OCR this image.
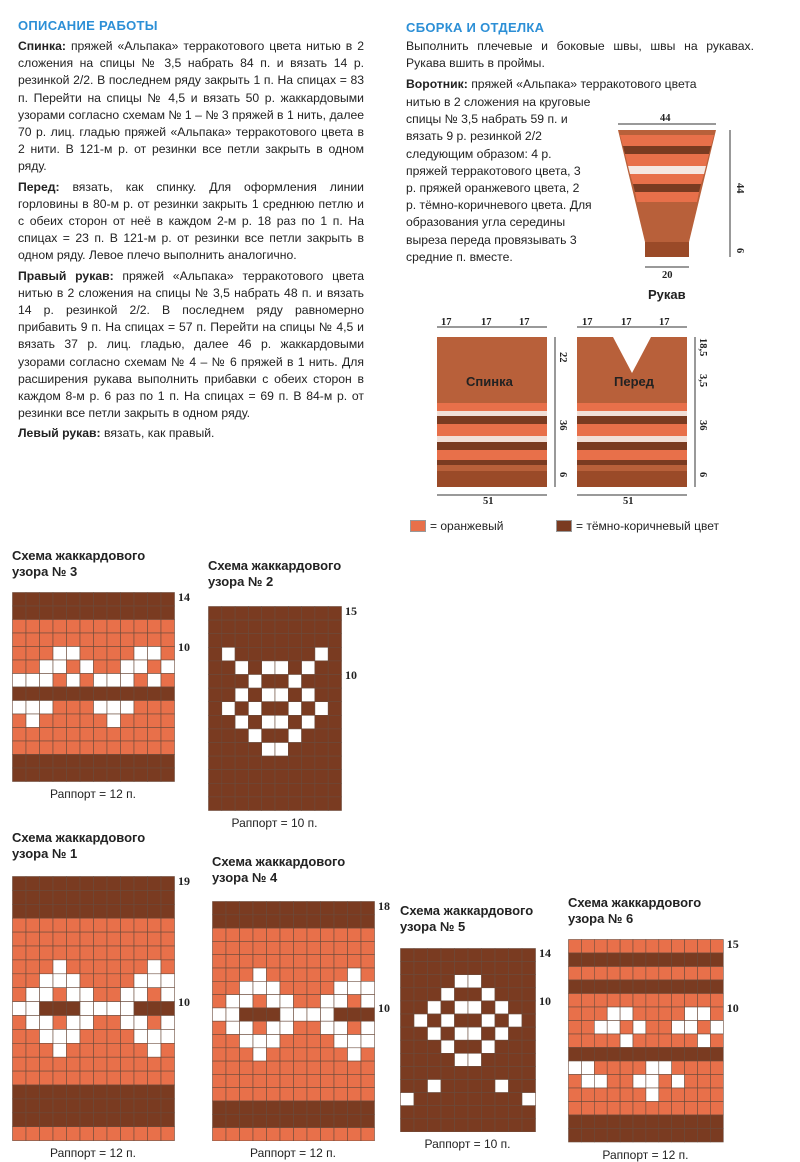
ОПИСАНИЕ РАБОТЫ

Спинка: пряжей «Альпака» терракотового цвета нитью в 2 сложения на спицы № 3,5 набрать 84 п. и вязать 14 р. резинкой 2/2. В последнем ряду закрыть 1 п. На спицах = 83 п. Перейти на спицы № 4,5 и вязать 50 р. жаккардовыми узорами согласно схемам № 1 – № 3 пряжей в 1 нить, далее 70 р. лиц. гладью пряжей «Альпака» терракотового цвета в 2 нити. В 121-м р. от резинки все петли закрыть в одном ряду.

Перед: вязать, как спинку. Для оформления линии горловины в 80-м р. от резинки закрыть 1 среднюю петлю и с обеих сторон от неё в каждом 2-м р. 18 раз по 1 п. На спицах = 23 п. В 121-м р. от резинки все петли закрыть в одном ряду. Левое плечо выполнить аналогично.

Правый рукав: пряжей «Альпака» терракотового цвета нитью в 2 сложения на спицы № 3,5 набрать 48 п. и вязать 14 р. резинкой 2/2. В последнем ряду равномерно прибавить 9 п. На спицах = 57 п. Перейти на спицы № 4,5 и вязать 37 р. лиц. гладью, далее 46 р. жаккардовыми узорами согласно схемам № 4 – № 6 пряжей в 1 нить. Для расширения рукава выполнить прибавки с обеих сторон в каждом 8-м р. 6 раз по 1 п. На спицах = 69 п. В 84-м р. от резинки все петли закрыть в одном ряду.

Левый рукав: вязать, как правый.

СБОРКА И ОТДЕЛКА

Выполнить плечевые и боковые швы, швы на рукавах. Рукава вшить в проймы.

Воротник: пряжей «Альпака» терракотового цвета
нитью в 2 сложения на круговые спицы № 3,5 набрать 59 п. и вязать 9 р. резинкой 2/2 следующим образом: 4 р. пряжей терракотового цвета, 3 р. пряжей оранжевого цвета, 2 р. тёмно-коричневого цвета. Для образования угла середины выреза переда провязывать 3 средние п. вместе.
44
44
6
20
Рукав
17	17	17
Спинка
22
36
6
51
17	17	17
Перед
18,5
3,5
36
6
51
= оранжевый	= тёмно-коричневый цвет
Схема жаккардового
узора № 3
14
10
Раппорт = 12 п.
Схема жаккардового
узора № 2
15
10
Раппорт = 10 п.
Схема жаккардового
узора № 1
19
10
Раппорт = 12 п.
Схема жаккардового
узора № 4
18
10
Раппорт = 12 п.
Схема жаккардового
узора № 5
14
10
Раппорт = 10 п.
Схема жаккардового
узора № 6
15
10
Раппорт = 12 п.
